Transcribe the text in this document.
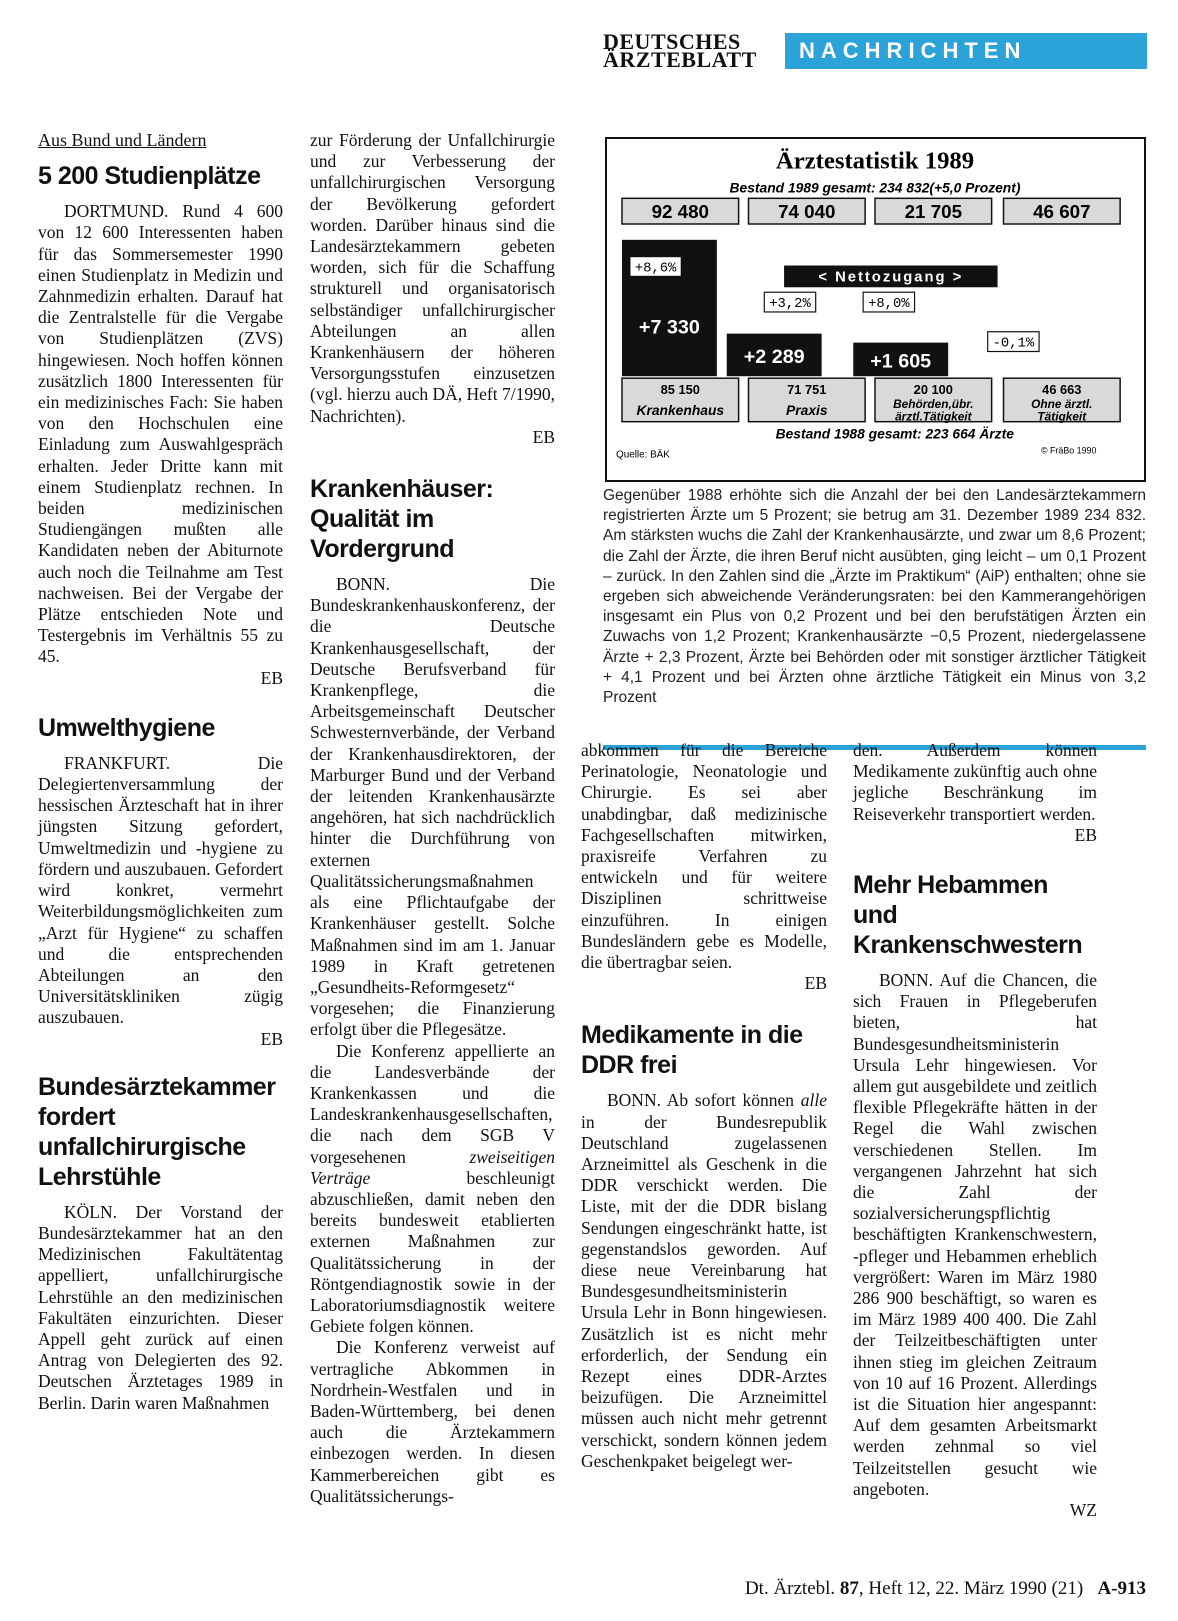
DEUTSCHES
ÄRZTEBLATT	NACHRICHTEN
Aus Bund und Ländern
5 200 Studienplätze

DORTMUND. Rund 4 600 von 12 600 Interessenten haben für das Sommersemester 1990 einen Studienplatz in Medizin und Zahnmedizin erhalten. Darauf hat die Zentralstelle für die Vergabe von Studienplätzen (ZVS) hingewiesen. Noch hoffen können zusätzlich 1800 Interessenten für ein medizinisches Fach: Sie haben von den Hochschulen eine Einladung zum Auswahlgespräch erhalten. Jeder Dritte kann mit einem Studienplatz rechnen. In beiden medizinischen Studiengängen mußten alle Kandidaten neben der Abiturnote auch noch die Teilnahme am Test nachweisen. Bei der Vergabe der Plätze entschieden Note und Testergebnis im Verhältnis 55 zu 45.

EB
Umwelthygiene

FRANKFURT. Die Delegiertenversammlung der hessischen Ärzteschaft hat in ihrer jüngsten Sitzung gefordert, Umweltmedizin und -hygiene zu fördern und auszubauen. Gefordert wird konkret, vermehrt Weiterbildungsmöglichkeiten zum „Arzt für Hygiene“ zu schaffen und die entsprechenden Abteilungen an den Universitätskliniken zügig auszubauen.

EB
Bundesärztekammer fordert unfallchirurgische Lehrstühle

KÖLN. Der Vorstand der Bundesärztekammer hat an den Medizinischen Fakultätentag appelliert, unfallchirurgische Lehrstühle an den medizinischen Fakultäten einzurichten. Dieser Appell geht zurück auf einen Antrag von Delegierten des 92. Deutschen Ärztetages 1989 in Berlin. Darin waren Maßnahmen

zur Förderung der Unfallchirurgie und zur Verbesserung der unfallchirurgischen Versorgung der Bevölkerung gefordert worden. Darüber hinaus sind die Landesärztekammern gebeten worden, sich für die Schaffung strukturell und organisatorisch selbständiger unfallchirurgischer Abteilungen an allen Krankenhäusern der höheren Versorgungsstufen einzusetzen (vgl. hierzu auch DÄ, Heft 7/1990, Nachrichten).

EB
Krankenhäuser: Qualität im Vordergrund

BONN. Die Bundeskrankenhauskonferenz, der die Deutsche Krankenhausgesellschaft, der Deutsche Berufsverband für Krankenpflege, die Arbeitsgemeinschaft Deutscher Schwesternverbände, der Verband der Krankenhausdirektoren, der Marburger Bund und der Verband der leitenden Krankenhausärzte angehören, hat sich nachdrücklich hinter die Durchführung von externen Qualitätssicherungsmaßnahmen als eine Pflichtaufgabe der Krankenhäuser gestellt. Solche Maßnahmen sind im am 1. Januar 1989 in Kraft getretenen „Gesundheits-Reformgesetz“ vorgesehen; die Finanzierung erfolgt über die Pflegesätze.

Die Konferenz appellierte an die Landesverbände der Krankenkassen und die Landeskrankenhausgesellschaften, die nach dem SGB V vorgesehenen zweiseitigen Verträge beschleunigt abzuschließen, damit neben den bereits bundesweit etablierten externen Maßnahmen zur Qualitätssicherung in der Röntgendiagnostik sowie in der Laboratoriumsdiagnostik weitere Gebiete folgen können.

Die Konferenz verweist auf vertragliche Abkommen in Nordrhein-Westfalen und in Baden-Württemberg, bei denen auch die Ärztekammern einbezogen werden. In diesen Kammerbereichen gibt es Qualitätssicherungs-

Ärztestatistik 1989
Bestand 1989 gesamt: 234 832(+5,0 Prozent)
92 480	74 040	21 705	46 607
+7 330
+2 289	+1 605
+8,6%
+3,2%	+8,0%
-0,1%
< Nettozugang >
85 150
Krankenhaus
71 751
Praxis
20 100
Behörden,übr. ärztl.Tätigkeit
46 663
Ohne ärztl. Tätigkeit
Bestand 1988 gesamt: 223 664 Ärzte
Quelle: BÄK	© FräBo 1990
Gegenüber 1988 erhöhte sich die Anzahl der bei den Landesärztekammern registrierten Ärzte um 5 Prozent; sie betrug am 31. Dezember 1989 234 832. Am stärksten wuchs die Zahl der Krankenhausärzte, und zwar um 8,6 Prozent; die Zahl der Ärzte, die ihren Beruf nicht ausübten, ging leicht – um 0,1 Prozent – zurück. In den Zahlen sind die „Ärzte im Praktikum“ (AiP) enthalten; ohne sie ergeben sich abweichende Veränderungsraten: bei den Kammerangehörigen insgesamt ein Plus von 0,2 Prozent und bei den berufstätigen Ärzten ein Zuwachs von 1,2 Prozent; Krankenhausärzte −0,5 Prozent, niedergelassene Ärzte + 2,3 Prozent, Ärzte bei Behörden oder mit sonstiger ärztlicher Tätigkeit + 4,1 Prozent und bei Ärzten ohne ärztliche Tätigkeit ein Minus von 3,2 Prozent

abkommen für die Bereiche Perinatologie, Neonatologie und Chirurgie. Es sei aber unabdingbar, daß medizinische Fachgesellschaften mitwirken, praxisreife Verfahren zu entwickeln und für weitere Disziplinen schrittweise einzuführen. In einigen Bundesländern gebe es Modelle, die übertragbar seien.

EB
Medikamente in die DDR frei

BONN. Ab sofort können alle in der Bundesrepublik Deutschland zugelassenen Arzneimittel als Geschenk in die DDR verschickt werden. Die Liste, mit der die DDR bislang Sendungen eingeschränkt hatte, ist gegenstandslos geworden. Auf diese neue Vereinbarung hat Bundesgesundheitsministerin Ursula Lehr in Bonn hingewiesen. Zusätzlich ist es nicht mehr erforderlich, der Sendung ein Rezept eines DDR-Arztes beizufügen. Die Arzneimittel müssen auch nicht mehr getrennt verschickt, sondern können jedem Geschenkpaket beigelegt wer-

den. Außerdem können Medikamente zukünftig auch ohne jegliche Beschränkung im Reiseverkehr transportiert werden.

EB
Mehr Hebammen und Krankenschwestern

BONN. Auf die Chancen, die sich Frauen in Pflegeberufen bieten, hat Bundesgesundheitsministerin Ursula Lehr hingewiesen. Vor allem gut ausgebildete und zeitlich flexible Pflegekräfte hätten in der Regel die Wahl zwischen verschiedenen Stellen. Im vergangenen Jahrzehnt hat sich die Zahl der sozialversicherungspflichtig beschäftigten Krankenschwestern, -pfleger und Hebammen erheblich vergrößert: Waren im März 1980 286 900 beschäftigt, so waren es im März 1989 400 400. Die Zahl der Teilzeitbeschäftigten unter ihnen stieg im gleichen Zeitraum von 10 auf 16 Prozent. Allerdings ist die Situation hier angespannt: Auf dem gesamten Arbeitsmarkt werden zehnmal so viel Teilzeitstellen gesucht wie angeboten.

WZ
Dt. Ärztebl. 87, Heft 12, 22. März 1990 (21) A-913
